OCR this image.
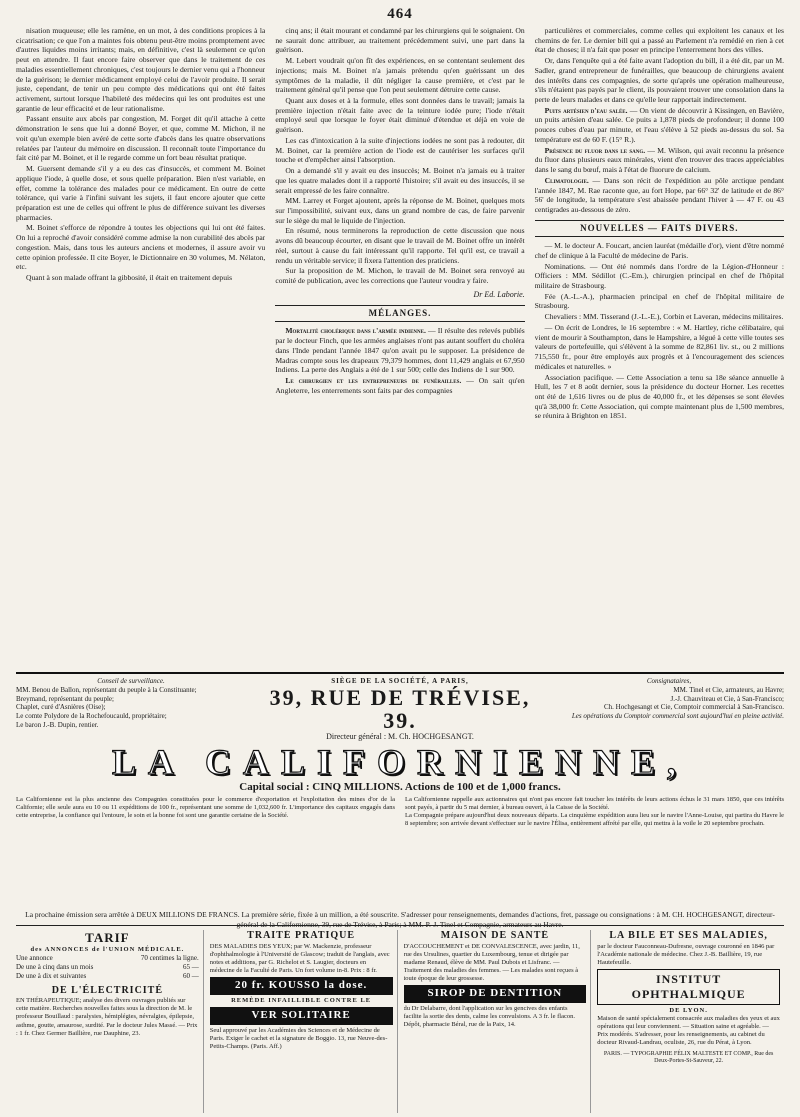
464

nisation muqueuse; elle les ramène, en un mot, à des conditions propices à la cicatrisation; ce que l'on a maintes fois obtenu peut-être moins promptement avec d'autres liquides moins irritants; mais, en définitive, c'est là seulement ce qu'on peut en attendre. Il faut encore faire observer que dans le traitement de ces maladies essentiellement chroniques, c'est toujours le dernier venu qui a l'honneur de la guérison; le dernier médicament employé celui de l'avoir produite. Il serait juste, cependant, de tenir un peu compte des médications qui ont été faites activement, surtout lorsque l'habileté des médecins qui les ont produites est une garantie de leur efficacité et de leur rationalisme.

Passant ensuite aux abcès par congestion, M. Forget dit qu'il attache à cette démonstration le sens que lui a donné Boyer, et que, comme M. Michon, il ne voit qu'un exemple bien avéré de cette sorte d'abcès dans les quatre observations relatées par l'auteur du mémoire en discussion. Il reconnaît toute l'importance du fait cité par M. Boinet, et il le regarde comme un fort beau résultat pratique.

M. Guersent demande s'il y a eu des cas d'insuccès, et comment M. Boinet applique l'iode, à quelle dose, et sous quelle préparation. Bien n'est variable, en effet, comme la tolérance des malades pour ce médicament. En outre de cette tolérance, qui varie à l'infini suivant les sujets, il faut encore ajouter que cette préparation est une de celles qui offrent le plus de différence suivant les diverses pharmacies.

M. Boinet s'efforce de répondre à toutes les objections qui lui ont été faites. On lui a reproché d'avoir considéré comme admise la non curabilité des abcès par congestion. Mais, dans tous les auteurs anciens et modernes, il assure avoir vu cette opinion professée. Il cite Boyer, le Dictionnaire en 30 volumes, M. Nélaton, etc.

Quant à son malade offrant la gibbosité, il était en traitement depuis

cinq ans; il était mourant et condamné par les chirurgiens qui le soignaient. On ne saurait donc attribuer, au traitement précédemment suivi, une part dans la guérison.

M. Lebert voudrait qu'on fît des expériences, en se contentant seulement des injections; mais M. Boinet n'a jamais prétendu qu'en guérissant un des symptômes de la maladie, il dût négliger la cause première, et c'est par le traitement général qu'il pense que l'on peut seulement détruire cette cause.

Quant aux doses et à la formule, elles sont données dans le travail; jamais la première injection n'était faite avec de la teinture iodée pure; l'iode n'était employé seul que lorsque le foyer était diminué d'étendue et déjà en voie de guérison.

Les cas d'intoxication à la suite d'injections iodées ne sont pas à redouter, dit M. Boinet, car la première action de l'iode est de cautériser les surfaces qu'il touche et d'empêcher ainsi l'absorption.

On a demandé s'il y avait eu des insuccès; M. Boinet n'a jamais eu à traiter que les quatre malades dont il a rapporté l'histoire; s'il avait eu des insuccès, il se serait empressé de les faire connaître.

MM. Larrey et Forget ajoutent, après la réponse de M. Boinet, quelques mots sur l'impossibilité, suivant eux, dans un grand nombre de cas, de faire parvenir sur le siège du mal le liquide de l'injection.

En résumé, nous terminerons la reproduction de cette discussion que nous avons dû beaucoup écourter, en disant que le travail de M. Boinet offre un intérêt réel, surtout à cause du fait intéressant qu'il rapporte. Tel qu'il est, ce travail a rendu un véritable service; il fixera l'attention des praticiens.

Sur la proposition de M. Michon, le travail de M. Boinet sera renvoyé au comité de publication, avec les corrections que l'auteur voudra y faire.

Dr Ed. Laborie.
MÉLANGES.

Mortalité cholérique dans l'armée indienne. — Il résulte des relevés publiés par le docteur Finch, que les armées anglaises n'ont pas autant souffert du choléra dans l'Inde pendant l'année 1847 qu'on avait pu le supposer. La présidence de Madras compte sous les drapeaux 79,379 hommes, dont 11,429 anglais et 67,950 Indiens. La perte des Anglais a été de 1 sur 500; celle des Indiens de 1 sur 900.

Le chirurgien et les entrepreneurs de funérailles. — On sait qu'en Angleterre, les enterrements sont faits par des compagnies

particulières et commerciales, comme celles qui exploitent les canaux et les chemins de fer. Le dernier bill qui a passé au Parlement n'a remédié en rien à cet état de choses; il n'a fait que poser en principe l'enterrement hors des villes.

Or, dans l'enquête qui a été faite avant l'adoption du bill, il a été dit, par un M. Sadler, grand entrepreneur de funérailles, que beaucoup de chirurgiens avaient des intérêts dans ces compagnies, de sorte qu'après une opération malheureuse, s'ils n'étaient pas payés par le client, ils pouvaient trouver une consolation dans la perte de leurs malades et dans ce qu'elle leur rapportait indirectement.

Puits artésien d'eau salée. — On vient de découvrir à Kissingen, en Bavière, un puits artésien d'eau salée. Ce puits a 1,878 pieds de profondeur; il donne 100 pouces cubes d'eau par minute, et l'eau s'élève à 52 pieds au-dessus du sol. Sa température est de 60 F. (15° R.).

Présence du fluor dans le sang. — M. Wilson, qui avait reconnu la présence du fluor dans plusieurs eaux minérales, vient d'en trouver des traces appréciables dans le sang du bœuf, mais à l'état de fluorure de calcium.

Climatologie. — Dans son récit de l'expédition au pôle arctique pendant l'année 1847, M. Rae raconte que, au fort Hope, par 66° 32' de latitude et de 86° 56' de longitude, la température s'est abaissée pendant l'hiver à — 47 F. ou 43 centigrades au-dessous de zéro.

NOUVELLES — FAITS DIVERS.

— M. le docteur A. Foucart, ancien lauréat (médaille d'or), vient d'être nommé chef de clinique à la Faculté de médecine de Paris.

Nominations. — Ont été nommés dans l'ordre de la Légion-d'Honneur : Officiers : MM. Sédillot (C.-Em.), chirurgien principal en chef de l'hôpital militaire de Strasbourg.

Fée (A.-L.-A.), pharmacien principal en chef de l'hôpital militaire de Strasbourg.

Chevaliers : MM. Tisserand (J.-L.-E.), Corbin et Laveran, médecins militaires.

— On écrit de Londres, le 16 septembre : « M. Hartley, riche célibataire, qui vient de mourir à Southampton, dans le Hampshire, a légué à cette ville toutes ses valeurs de portefeuille, qui s'élèvent à la somme de 82,861 liv. st., ou 2 millions 715,550 fr., pour être employés aux progrès et à l'encouragement des sciences médicales et naturelles. »

Association pacifique. — Cette Association a tenu sa 18e séance annuelle à Hull, les 7 et 8 août dernier, sous la présidence du docteur Horner. Les recettes ont été de 1,616 livres ou de plus de 40,000 fr., et les dépenses se sont élevées qu'à 38,000 fr. Cette Association, qui compte maintenant plus de 1,500 membres, se réunira à Brighton en 1851.

Conseil de surveillance.
MM. Benou de Ballon, représentant du peuple à la Constituante;
Breymand, représentant du peuple;
Chaplet, curé d'Asnières (Oise);
Le comte Polydore de la Rochefoucauld, propriétaire;
Le baron J.-B. Dupin, rentier.
SIÈGE DE LA SOCIÉTÉ, A PARIS,
39, RUE DE TRÉVISE, 39.
Directeur général : M. Ch. HOCHGESANGT.
Consignataires,
MM. Tinel et Cie, armateurs, au Havre;
J.-J. Chauviteau et Cie, à San-Francisco;
Ch. Hochgesangt et Cie, Comptoir commercial à San-Francisco.
Les opérations du Comptoir commercial sont aujourd'hui en pleine activité.
LA CALIFORNIENNE,
Capital social : CINQ MILLIONS. Actions de 100 et de 1,000 francs.

La Californienne est la plus ancienne des Compagnies constituées pour le commerce d'exportation et l'exploitation des mines d'or de la Californie; elle seule aura eu 10 ou 11 expéditions de 100 fr., représentant une somme de 1,032,600 fr. L'importance des capitaux engagés dans cette entreprise, la confiance qui l'entoure, le soin et la bonne foi sont une garantie certaine de la Société.

La Californienne rappelle aux actionnaires qui n'ont pas encore fait toucher les intérêts de leurs actions échus le 31 mars 1850, que ces intérêts sont payés, à partir du 5 mai dernier, à bureau ouvert, à la Caisse de la Société.

La Compagnie prépare aujourd'hui deux nouveaux départs. La cinquième expédition aura lieu sur le navire l'Anne-Louise, qui partira du Havre le 8 septembre; son arrivée devant s'effectuer sur le navire l'Élisa, entièrement affrété par elle, qui mettra à la voile le 20 septembre prochain.

La prochaine émission sera arrêtée à DEUX MILLIONS DE FRANCS. La première série, fixée à un million, a été souscrite. S'adresser pour renseignements, demandes d'actions, fret, passage ou consignations : à M. CH. HOCHGESANGT, directeur-général de la Californienne, 39, rue de Trévise, à Paris; à MM. P.-J. Tinel et Compagnie, armateurs au Havre.
TARIF
des ANNONCES de l'UNION MÉDICALE.
Une annonce	70 centimes la ligne.
De une à cinq dans un mois	65 —
De une à dix et suivantes	60 —
DE L'ÉLECTRICITÉ

EN THÉRAPEUTIQUE; analyse des divers ouvrages publiés sur cette matière. Recherches nouvelles faites sous la direction de M. le professeur Bouillaud : paralysies, hémiplégies, névralgies, épilepsie, asthme, goutte, amaurose, surdité. Par le docteur Jules Massé. — Prix : 1 fr. Chez Germer Baillière, rue Dauphine, 23.

TRAITÉ PRATIQUE

DES MALADIES DES YEUX; par W. Mackenzie, professeur d'ophthalmologie à l'Université de Glascow; traduit de l'anglais, avec notes et additions, par G. Richelot et S. Laugier, docteurs en médecine de la Faculté de Paris. Un fort volume in-8. Prix : 8 fr.

20 fr. KOUSSO la dose.
REMÈDE INFAILLIBLE CONTRE LE
VER SOLITAIRE

Seul approuvé par les Académies des Sciences et de Médecine de Paris. Exiger le cachet et la signature de Boggio. 13, rue Neuve-des-Petits-Champs. (Paris. Aff.)

MAISON DE SANTÉ

D'ACCOUCHEMENT et DE CONVALESCENCE, avec jardin, 11, rue des Ursulines, quartier du Luxembourg, tenue et dirigée par madame Renaud, élève de MM. Paul Dubois et Lisfranc. — Traitement des maladies des femmes. — Les malades sont reçues à toute époque de leur grossesse.

SIROP DE DENTITION

du Dr Delabarre, dont l'application sur les gencives des enfants facilite la sortie des dents, calme les convulsions. A 3 fr. le flacon. Dépôt, pharmacie Béral, rue de la Paix, 14.

LA BILE ET SES MALADIES,

par le docteur Fauconneau-Dufresne, ouvrage couronné en 1846 par l'Académie nationale de médecine. Chez J.-B. Baillière, 19, rue Hautefeuille.

INSTITUT OPHTHALMIQUE
DE LYON.

Maison de santé spécialement consacrée aux maladies des yeux et aux opérations qui leur conviennent. — Situation saine et agréable. — Prix modérés. S'adresser, pour les renseignements, au cabinet du docteur Rivaud-Landrau, oculiste, 26, rue du Pérat, à Lyon.

PARIS. — TYPOGRAPHIE FÉLIX MALTESTE ET COMP., Rue des Deux-Portes-St-Sauveur, 22.
